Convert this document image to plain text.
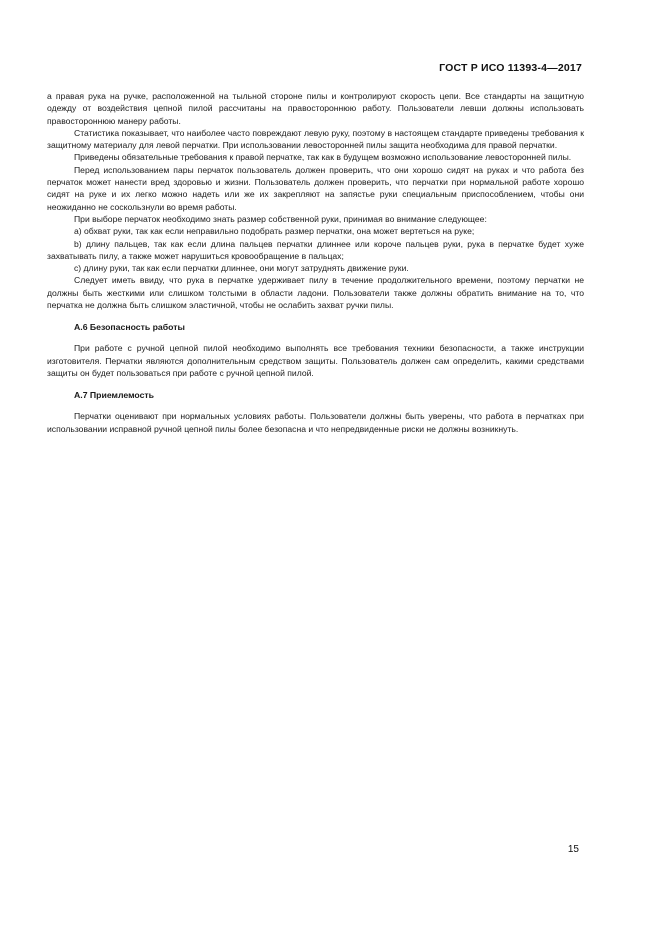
ГОСТ Р ИСО 11393-4—2017

а правая рука на ручке, расположенной на тыльной стороне пилы и контролируют скорость цепи. Все стандарты на защитную одежду от воздействия цепной пилой рассчитаны на правостороннюю работу. Пользователи левши должны использовать правостороннюю манеру работы.

Статистика показывает, что наиболее часто повреждают левую руку, поэтому в настоящем стандарте приведены требования к защитному материалу для левой перчатки. При использовании левосторонней пилы защита необходима для правой перчатки.

Приведены обязательные требования к правой перчатке, так как в будущем возможно использование левосторонней пилы.

Перед использованием пары перчаток пользователь должен проверить, что они хорошо сидят на руках и что работа без перчаток может нанести вред здоровью и жизни. Пользователь должен проверить, что перчатки при нормальной работе хорошо сидят на руке и их легко можно надеть или же их закрепляют на запястье руки специальным приспособлением, чтобы они неожиданно не соскользнули во время работы.

При выборе перчаток необходимо знать размер собственной руки, принимая во внимание следующее:

а) обхват руки, так как если неправильно подобрать размер перчатки, она может вертеться на руке;

b) длину пальцев, так как если длина пальцев перчатки длиннее или короче пальцев руки, рука в перчатке будет хуже захватывать пилу, а также может нарушиться кровообращение в пальцах;

c) длину руки, так как если перчатки длиннее, они могут затруднять движение руки.

Следует иметь ввиду, что рука в перчатке удерживает пилу в течение продолжительного времени, поэтому перчатки не должны быть жесткими или слишком толстыми в области ладони. Пользователи также должны обратить внимание на то, что перчатка не должна быть слишком эластичной, чтобы не ослабить захват ручки пилы.

А.6 Безопасность работы

При работе с ручной цепной пилой необходимо выполнять все требования техники безопасности, а также инструкции изготовителя. Перчатки являются дополнительным средством защиты. Пользователь должен сам определить, какими средствами защиты он будет пользоваться при работе с ручной цепной пилой.

А.7 Приемлемость

Перчатки оценивают при нормальных условиях работы. Пользователи должны быть уверены, что работа в перчатках при использовании исправной ручной цепной пилы более безопасна и что непредвиденные риски не должны возникнуть.

15
